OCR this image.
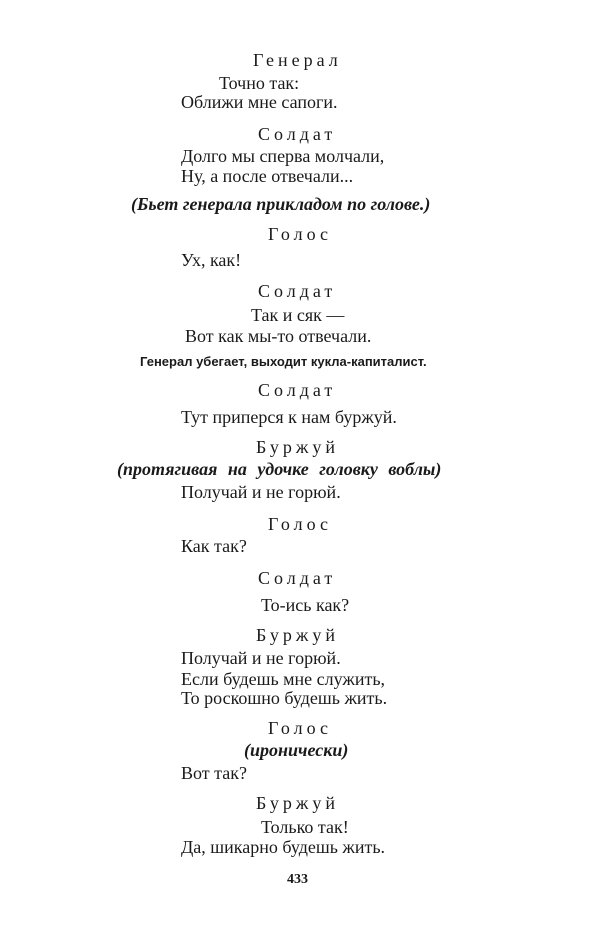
Генерал
Точно так:
Оближи мне сапоги.
Солдат
Долго мы сперва молчали,
Ну, а после отвечали...
(Бьет генерала прикладом по голове.)
Голос
Ух, как!
Солдат
Так и сяк —
Вот как мы-то отвечали.
Генерал убегает, выходит кукла-капиталист.
Солдат
Тут приперся к нам буржуй.
Буржуй
(протягивая на удочке головку воблы)
Получай и не горюй.
Голос
Как так?
Солдат
То-ись как?
Буржуй
Получай и не горюй.
Если будешь мне служить,
То роскошно будешь жить.
Голос
(иронически)
Вот так?
Буржуй
Только так!
Да, шикарно будешь жить.
433
